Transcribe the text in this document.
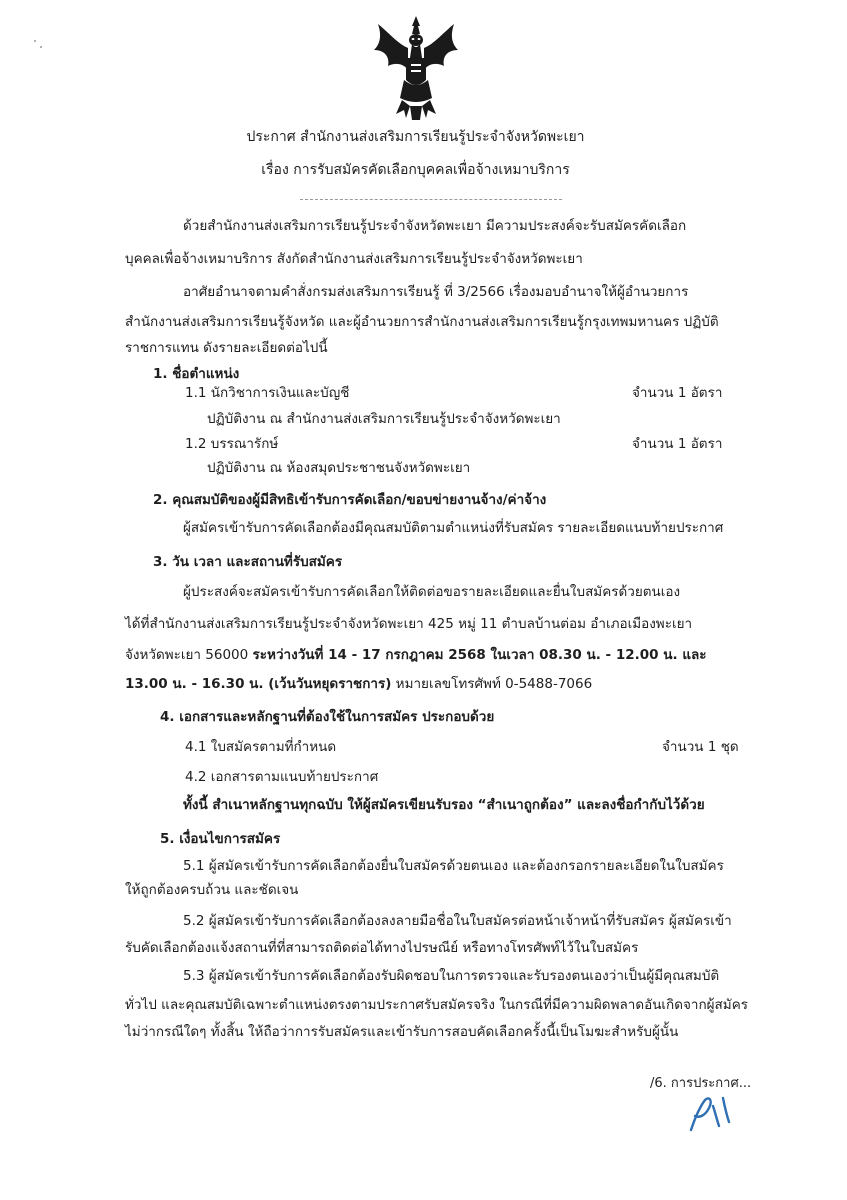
ประกาศ สำนักงานส่งเสริมการเรียนรู้ประจำจังหวัดพะเยา
เรื่อง การรับสมัครคัดเลือกบุคคลเพื่อจ้างเหมาบริการ
ด้วยสำนักงานส่งเสริมการเรียนรู้ประจำจังหวัดพะเยา มีความประสงค์จะรับสมัครคัดเลือก
บุคคลเพื่อจ้างเหมาบริการ สังกัดสำนักงานส่งเสริมการเรียนรู้ประจำจังหวัดพะเยา
อาศัยอำนาจตามคำสั่งกรมส่งเสริมการเรียนรู้ ที่ 3/2566 เรื่องมอบอำนาจให้ผู้อำนวยการ
สำนักงานส่งเสริมการเรียนรู้จังหวัด และผู้อำนวยการสำนักงานส่งเสริมการเรียนรู้กรุงเทพมหานคร ปฏิบัติ
ราชการแทน ดังรายละเอียดต่อไปนี้
1. ชื่อตำแหน่ง
1.1 นักวิชาการเงินและบัญชี	จำนวน 1 อัตรา
ปฏิบัติงาน ณ สำนักงานส่งเสริมการเรียนรู้ประจำจังหวัดพะเยา
1.2 บรรณารักษ์	จำนวน 1 อัตรา
ปฏิบัติงาน ณ ห้องสมุดประชาชนจังหวัดพะเยา
2. คุณสมบัติของผู้มีสิทธิเข้ารับการคัดเลือก/ขอบข่ายงานจ้าง/ค่าจ้าง
ผู้สมัครเข้ารับการคัดเลือกต้องมีคุณสมบัติตามตำแหน่งที่รับสมัคร รายละเอียดแนบท้ายประกาศ
3. วัน เวลา และสถานที่รับสมัคร
ผู้ประสงค์จะสมัครเข้ารับการคัดเลือกให้ติดต่อขอรายละเอียดและยื่นใบสมัครด้วยตนเอง
ได้ที่สำนักงานส่งเสริมการเรียนรู้ประจำจังหวัดพะเยา 425 หมู่ 11 ตำบลบ้านต่อม อำเภอเมืองพะเยา
จังหวัดพะเยา 56000 ระหว่างวันที่ 14 - 17 กรกฎาคม 2568 ในเวลา 08.30 น. - 12.00 น. และ
13.00 น. - 16.30 น. (เว้นวันหยุดราชการ) หมายเลขโทรศัพท์ 0-5488-7066
4. เอกสารและหลักฐานที่ต้องใช้ในการสมัคร ประกอบด้วย
4.1 ใบสมัครตามที่กำหนด	จำนวน 1 ชุด
4.2 เอกสารตามแนบท้ายประกาศ
ทั้งนี้ สำเนาหลักฐานทุกฉบับ ให้ผู้สมัครเขียนรับรอง “สำเนาถูกต้อง” และลงชื่อกำกับไว้ด้วย
5. เงื่อนไขการสมัคร
5.1 ผู้สมัครเข้ารับการคัดเลือกต้องยื่นใบสมัครด้วยตนเอง และต้องกรอกรายละเอียดในใบสมัคร
ให้ถูกต้องครบถ้วน และชัดเจน
5.2 ผู้สมัครเข้ารับการคัดเลือกต้องลงลายมือชื่อในใบสมัครต่อหน้าเจ้าหน้าที่รับสมัคร ผู้สมัครเข้า
รับคัดเลือกต้องแจ้งสถานที่ที่สามารถติดต่อได้ทางไปรษณีย์ หรือทางโทรศัพท์ไว้ในใบสมัคร
5.3 ผู้สมัครเข้ารับการคัดเลือกต้องรับผิดชอบในการตรวจและรับรองตนเองว่าเป็นผู้มีคุณสมบัติ
ทั่วไป และคุณสมบัติเฉพาะตำแหน่งตรงตามประกาศรับสมัครจริง ในกรณีที่มีความผิดพลาดอันเกิดจากผู้สมัคร
ไม่ว่ากรณีใดๆ ทั้งสิ้น ให้ถือว่าการรับสมัครและเข้ารับการสอบคัดเลือกครั้งนี้เป็นโมฆะสำหรับผู้นั้น
/6. การประกาศ...
